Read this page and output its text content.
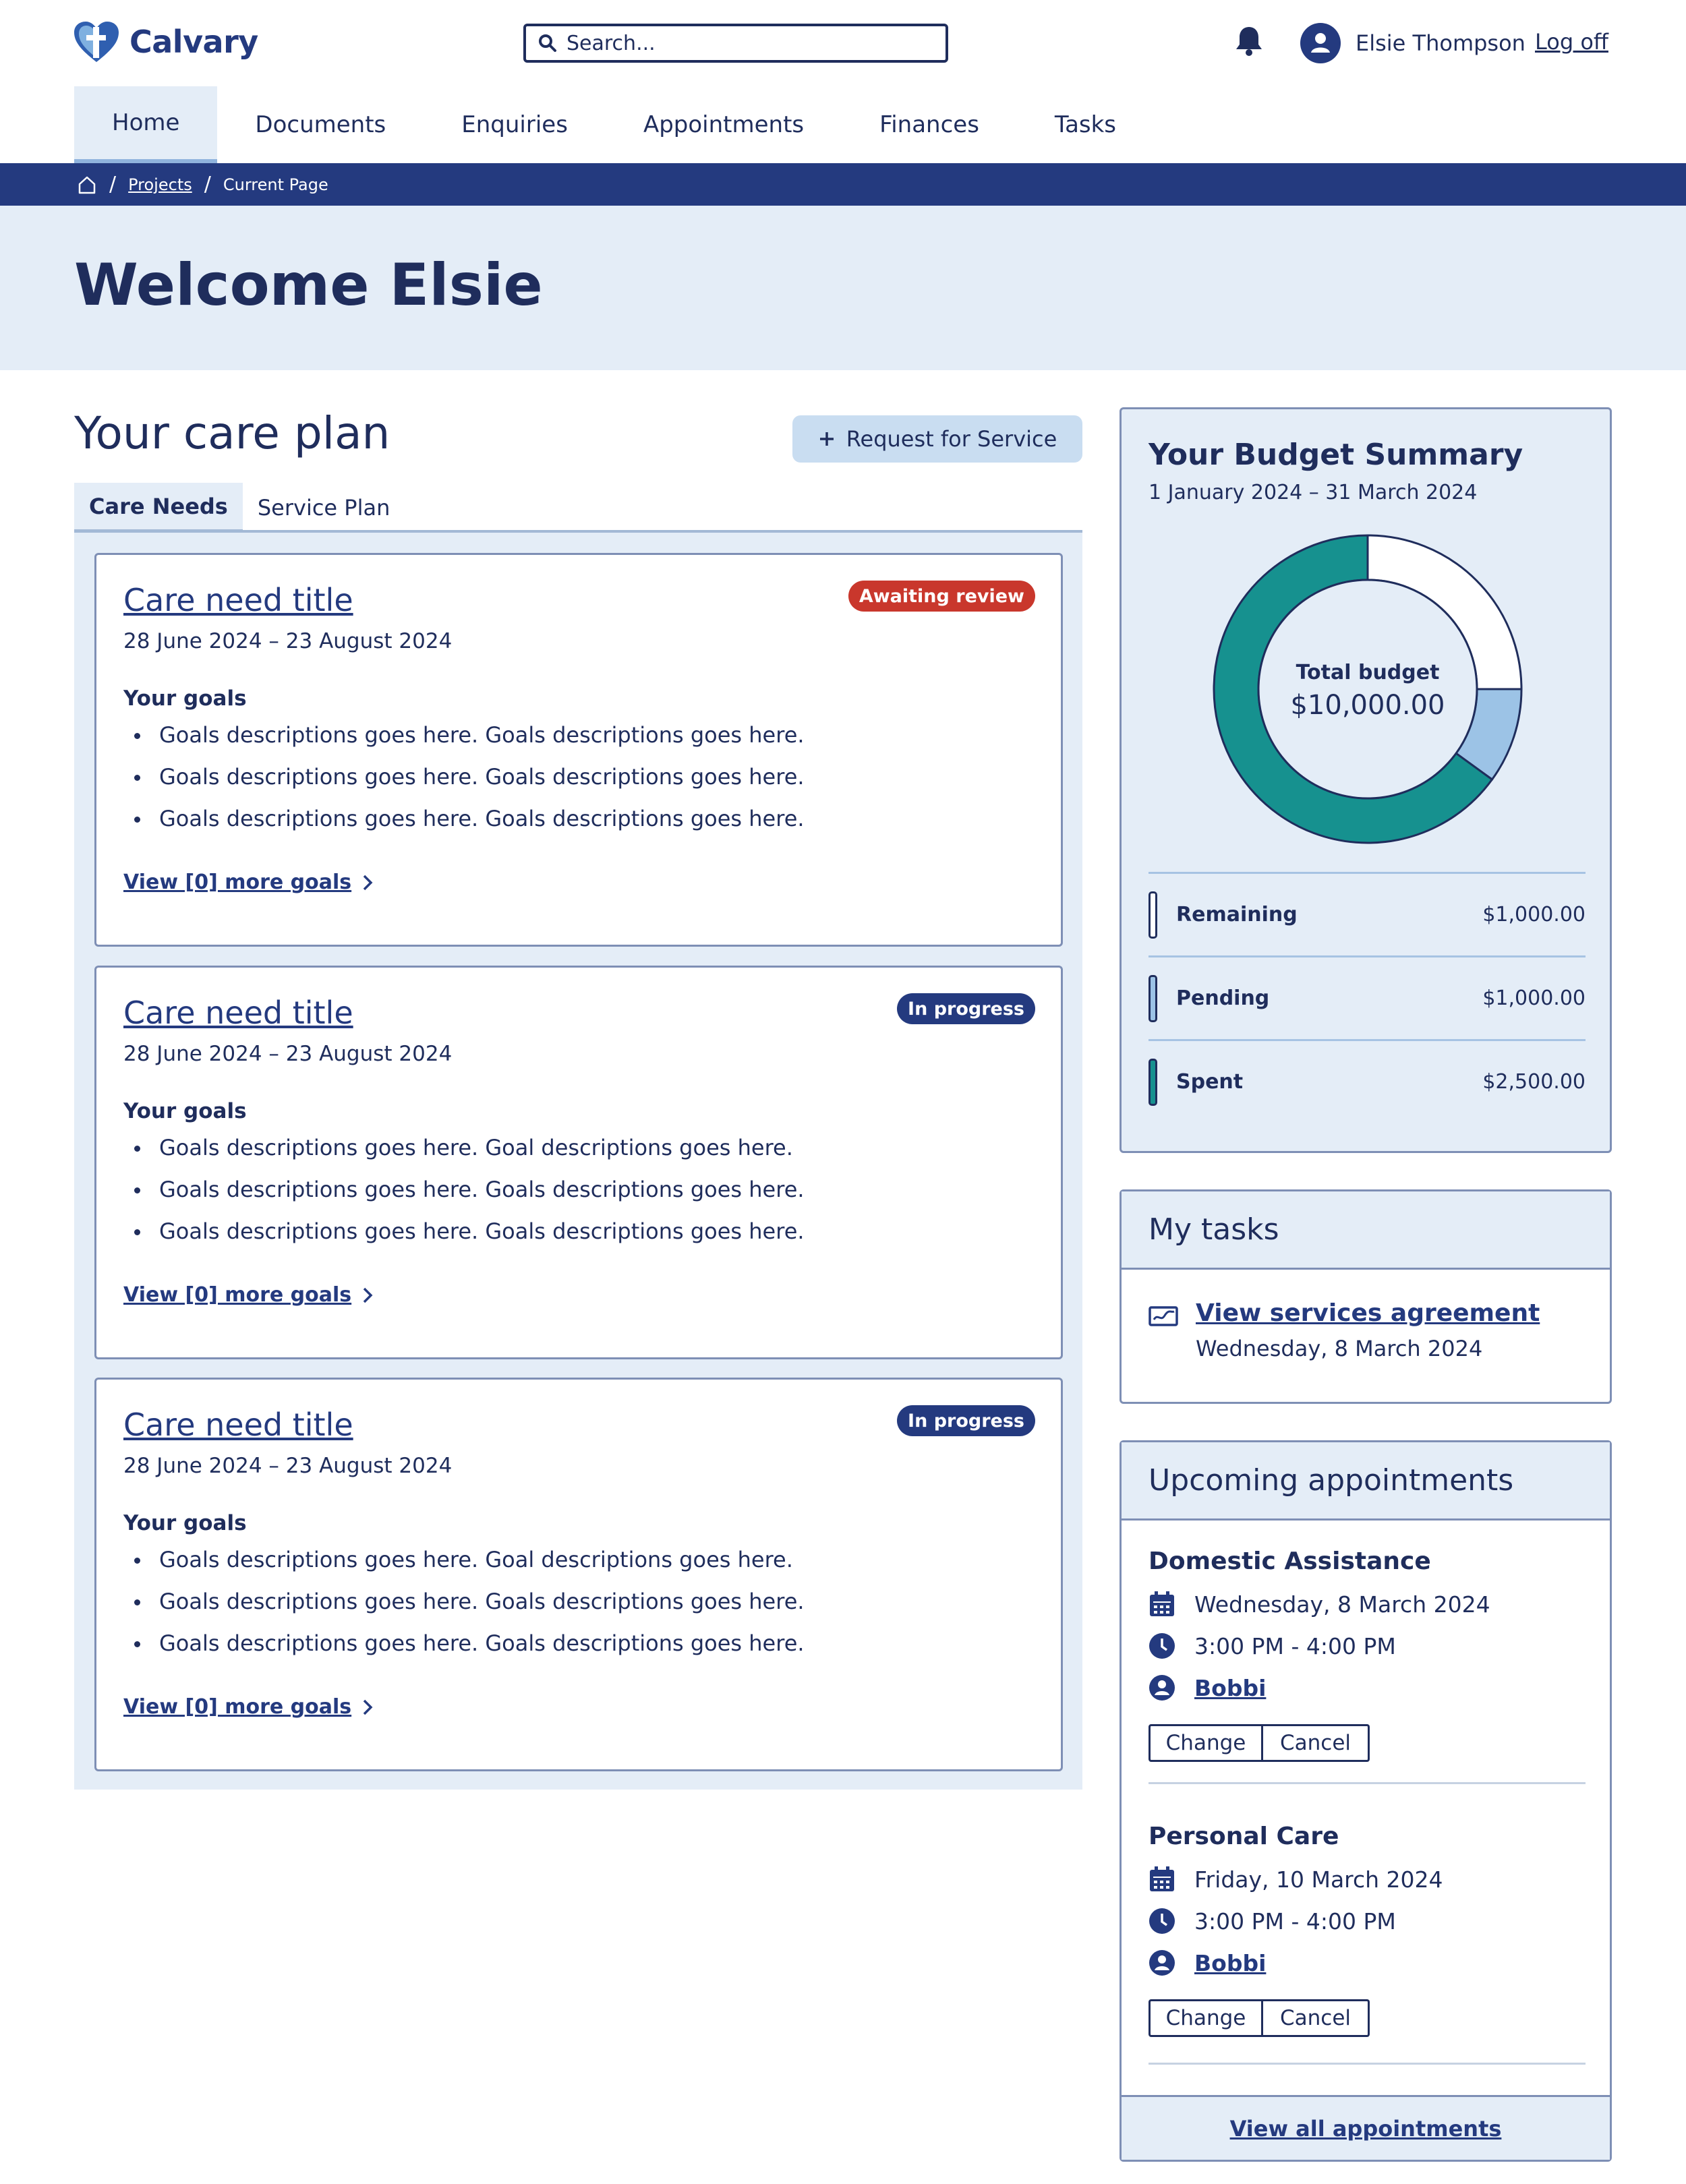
Calvary
Search...	Elsie Thompson Log off
Home	Documents	Enquiries	Appointments	Finances	Tasks
/ Projects / Current Page
Welcome Elsie
Your care plan	Request for Service
Care Needs	Service Plan
Care need title
28 June 2024 – 23 August 2024
Awaiting review
Your goals
Goals descriptions goes here. Goals descriptions goes here.
Goals descriptions goes here. Goals descriptions goes here.
Goals descriptions goes here. Goals descriptions goes here.
View [0] more goals
Care need title
28 June 2024 – 23 August 2024
In progress
Your goals
Goals descriptions goes here. Goal descriptions goes here.
Goals descriptions goes here. Goals descriptions goes here.
Goals descriptions goes here. Goals descriptions goes here.
View [0] more goals
Care need title
28 June 2024 – 23 August 2024
In progress
Your goals
Goals descriptions goes here. Goal descriptions goes here.
Goals descriptions goes here. Goals descriptions goes here.
Goals descriptions goes here. Goals descriptions goes here.
View [0] more goals
Your Budget Summary
1 January 2024 – 31 March 2024
Total budget
$10,000.00
Remaining	$1,000.00
Pending	$1,000.00
Spent	$2,500.00
My tasks
View services agreement
Wednesday, 8 March 2024
Upcoming appointments
Domestic Assistance
Wednesday, 8 March 2024
3:00 PM - 4:00 PM
Bobbi
Change	Cancel
Personal Care
Friday, 10 March 2024
3:00 PM - 4:00 PM
Bobbi
Change	Cancel
View all appointments
